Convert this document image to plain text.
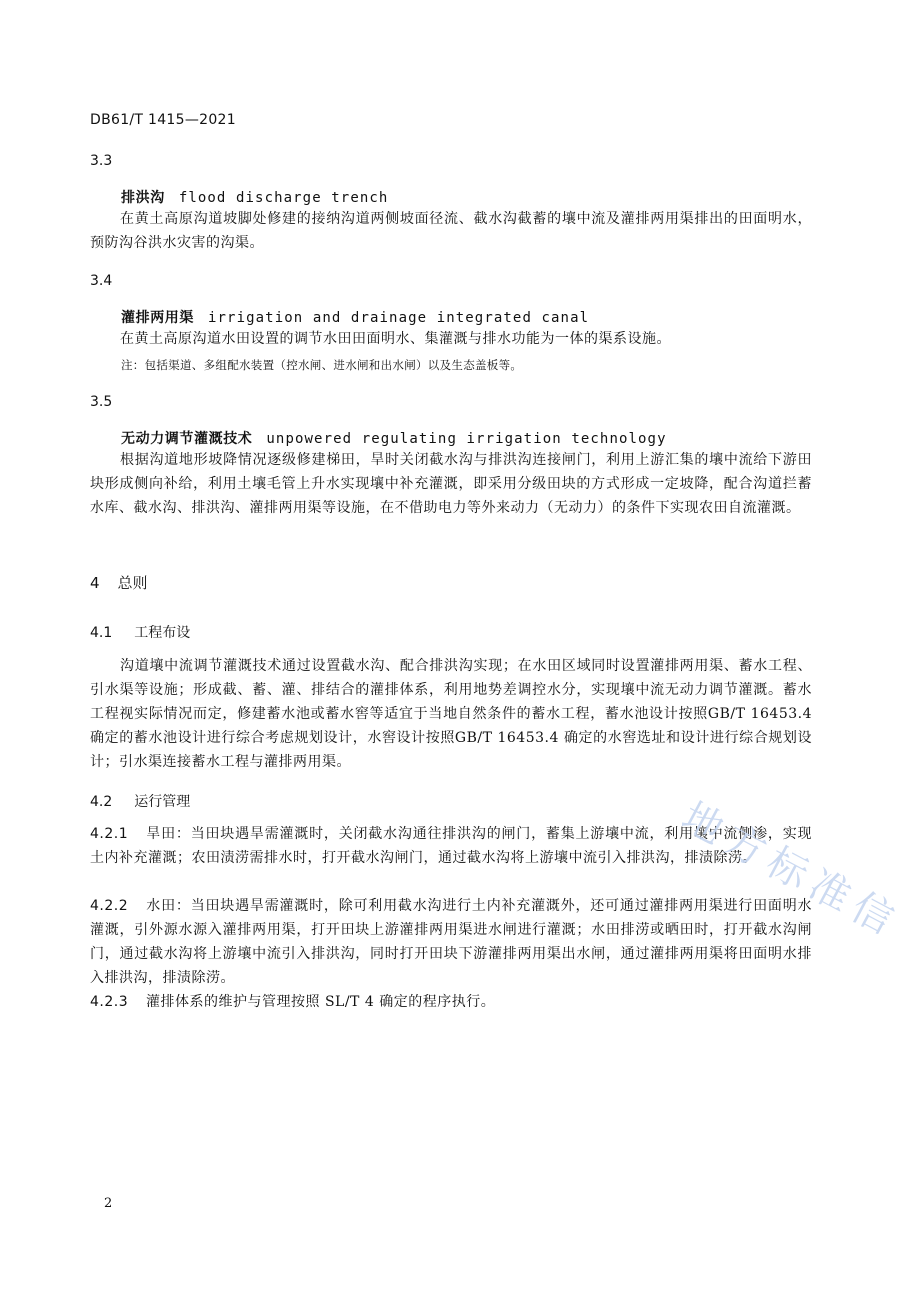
DB61/T 1415—2021
3.3
排洪沟 flood discharge trench
在黄土高原沟道坡脚处修建的接纳沟道两侧坡面径流、截水沟截蓄的壤中流及灌排两用渠排出的田面明水，预防沟谷洪水灾害的沟渠。
3.4
灌排两用渠 irrigation and drainage integrated canal
在黄土高原沟道水田设置的调节水田田面明水、集灌溉与排水功能为一体的渠系设施。
注：包括渠道、多组配水装置（控水闸、进水闸和出水闸）以及生态盖板等。
3.5
无动力调节灌溉技术 unpowered regulating irrigation technology
根据沟道地形坡降情况逐级修建梯田，旱时关闭截水沟与排洪沟连接闸门，利用上游汇集的壤中流给下游田块形成侧向补给，利用土壤毛管上升水实现壤中补充灌溉，即采用分级田块的方式形成一定坡降，配合沟道拦蓄水库、截水沟、排洪沟、灌排两用渠等设施，在不借助电力等外来动力（无动力）的条件下实现农田自流灌溉。
4 总则
4.1 工程布设
沟道壤中流调节灌溉技术通过设置截水沟、配合排洪沟实现；在水田区域同时设置灌排两用渠、蓄水工程、引水渠等设施；形成截、蓄、灌、排结合的灌排体系，利用地势差调控水分，实现壤中流无动力调节灌溉。蓄水工程视实际情况而定，修建蓄水池或蓄水窖等适宜于当地自然条件的蓄水工程，蓄水池设计按照GB/T 16453.4 确定的蓄水池设计进行综合考虑规划设计，水窖设计按照GB/T 16453.4 确定的水窖选址和设计进行综合规划设计；引水渠连接蓄水工程与灌排两用渠。
4.2 运行管理
4.2.1 旱田：当田块遇旱需灌溉时，关闭截水沟通往排洪沟的闸门，蓄集上游壤中流，利用壤中流侧渗，实现土内补充灌溉；农田渍涝需排水时，打开截水沟闸门，通过截水沟将上游壤中流引入排洪沟，排渍除涝。
4.2.2 水田：当田块遇旱需灌溉时，除可利用截水沟进行土内补充灌溉外，还可通过灌排两用渠进行田面明水灌溉，引外源水源入灌排两用渠，打开田块上游灌排两用渠进水闸进行灌溉；水田排涝或晒田时，打开截水沟闸门，通过截水沟将上游壤中流引入排洪沟，同时打开田块下游灌排两用渠出水闸，通过灌排两用渠将田面明水排入排洪沟，排渍除涝。
4.2.3 灌排体系的维护与管理按照 SL/T 4 确定的程序执行。
2
地方标准信
